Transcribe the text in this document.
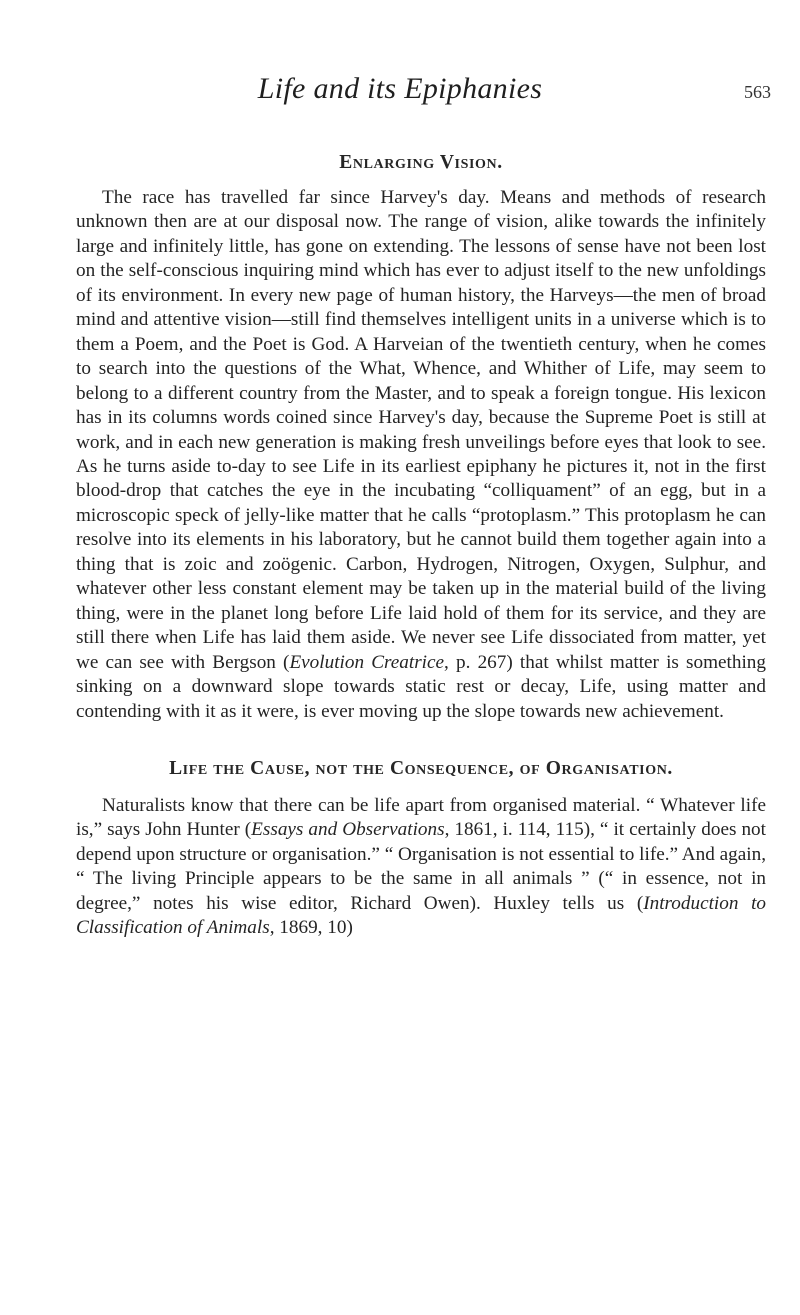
Life and its Epiphanies	563
Enlarging Vision.

The race has travelled far since Harvey's day. Means and methods of research unknown then are at our disposal now. The range of vision, alike towards the infinitely large and infinitely little, has gone on extending. The lessons of sense have not been lost on the self-conscious inquiring mind which has ever to adjust itself to the new unfoldings of its environment. In every new page of human history, the Harveys—the men of broad mind and attentive vision—still find themselves intelligent units in a universe which is to them a Poem, and the Poet is God. A Harveian of the twentieth century, when he comes to search into the questions of the What, Whence, and Whither of Life, may seem to belong to a different country from the Master, and to speak a foreign tongue. His lexicon has in its columns words coined since Harvey's day, because the Supreme Poet is still at work, and in each new generation is making fresh unveilings before eyes that look to see. As he turns aside to-day to see Life in its earliest epiphany he pictures it, not in the first blood-drop that catches the eye in the incubating “colliquament” of an egg, but in a microscopic speck of jelly-like matter that he calls “protoplasm.” This protoplasm he can resolve into its elements in his laboratory, but he cannot build them together again into a thing that is zoic and zoögenic. Carbon, Hydrogen, Nitrogen, Oxygen, Sulphur, and whatever other less constant element may be taken up in the material build of the living thing, were in the planet long before Life laid hold of them for its service, and they are still there when Life has laid them aside. We never see Life dissociated from matter, yet we can see with Bergson (Evolution Creatrice, p. 267) that whilst matter is something sinking on a downward slope towards static rest or decay, Life, using matter and contending with it as it were, is ever moving up the slope towards new achievement.

Life the Cause, not the Consequence, of Organisation.

Naturalists know that there can be life apart from organised material. “ Whatever life is,” says John Hunter (Essays and Observations, 1861, i. 114, 115), “ it certainly does not depend upon structure or organisation.” “ Organisation is not essential to life.” And again, “ The living Principle appears to be the same in all animals ” (“ in essence, not in degree,” notes his wise editor, Richard Owen). Huxley tells us (Introduction to Classification of Animals, 1869, 10)
